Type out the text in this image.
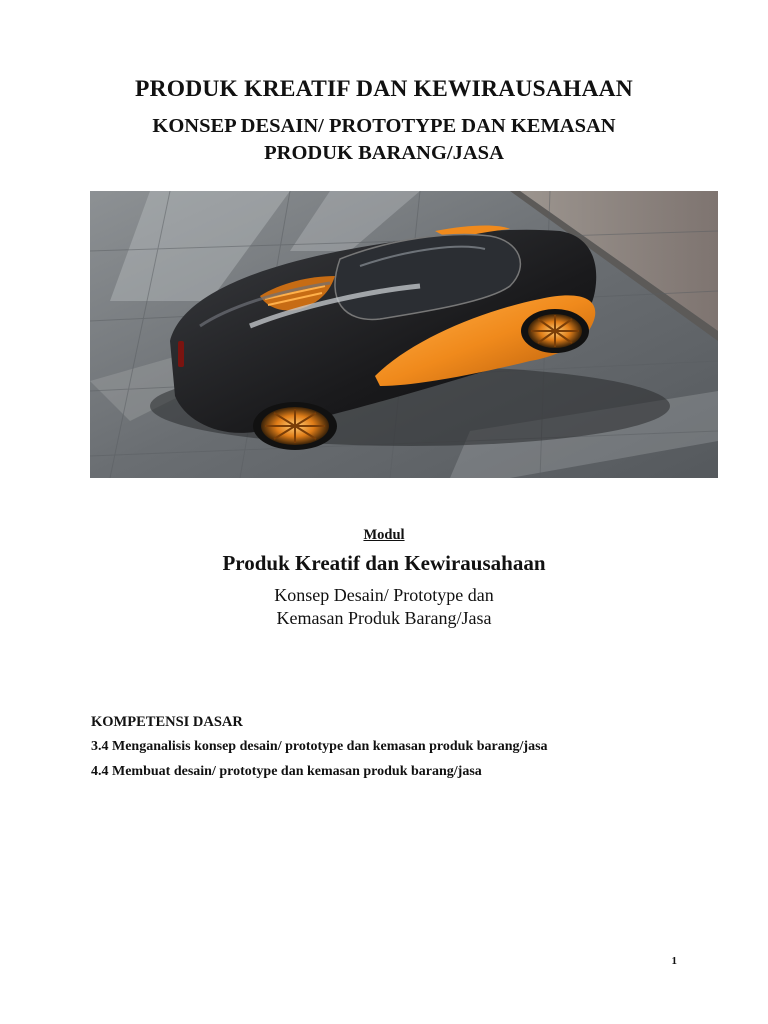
PRODUK KREATIF DAN KEWIRAUSAHAAN
KONSEP DESAIN/ PROTOTYPE DAN KEMASAN
PRODUK BARANG/JASA
Modul
Produk Kreatif dan Kewirausahaan
Konsep Desain/ Prototype dan
Kemasan Produk Barang/Jasa
KOMPETENSI DASAR
3.4 Menganalisis konsep desain/ prototype dan kemasan produk barang/jasa
4.4 Membuat desain/ prototype dan kemasan produk barang/jasa
1
